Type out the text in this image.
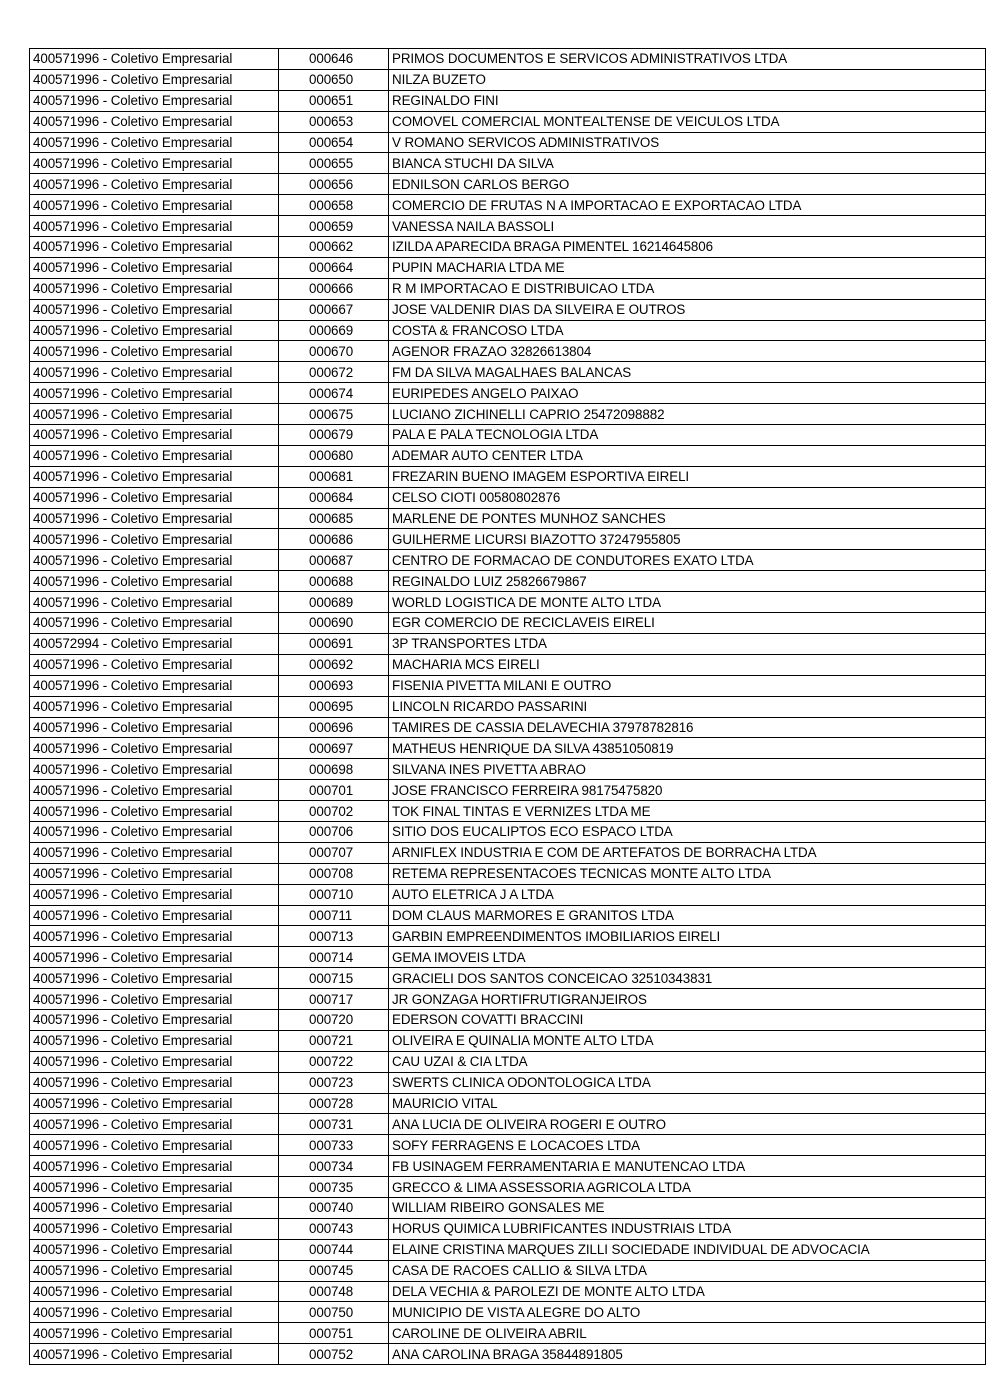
400571996 - Coletivo Empresarial	000646	PRIMOS DOCUMENTOS E SERVICOS ADMINISTRATIVOS LTDA
400571996 - Coletivo Empresarial	000650	NILZA BUZETO
400571996 - Coletivo Empresarial	000651	REGINALDO FINI
400571996 - Coletivo Empresarial	000653	COMOVEL COMERCIAL MONTEALTENSE DE VEICULOS LTDA
400571996 - Coletivo Empresarial	000654	V ROMANO SERVICOS ADMINISTRATIVOS
400571996 - Coletivo Empresarial	000655	BIANCA STUCHI DA SILVA
400571996 - Coletivo Empresarial	000656	EDNILSON CARLOS BERGO
400571996 - Coletivo Empresarial	000658	COMERCIO DE FRUTAS N A IMPORTACAO E EXPORTACAO LTDA
400571996 - Coletivo Empresarial	000659	VANESSA NAILA BASSOLI
400571996 - Coletivo Empresarial	000662	IZILDA APARECIDA BRAGA PIMENTEL 16214645806
400571996 - Coletivo Empresarial	000664	PUPIN MACHARIA LTDA ME
400571996 - Coletivo Empresarial	000666	R M IMPORTACAO E DISTRIBUICAO LTDA
400571996 - Coletivo Empresarial	000667	JOSE VALDENIR DIAS DA SILVEIRA E OUTROS
400571996 - Coletivo Empresarial	000669	COSTA & FRANCOSO LTDA
400571996 - Coletivo Empresarial	000670	AGENOR FRAZAO 32826613804
400571996 - Coletivo Empresarial	000672	FM DA SILVA MAGALHAES BALANCAS
400571996 - Coletivo Empresarial	000674	EURIPEDES ANGELO PAIXAO
400571996 - Coletivo Empresarial	000675	LUCIANO ZICHINELLI CAPRIO 25472098882
400571996 - Coletivo Empresarial	000679	PALA E PALA TECNOLOGIA LTDA
400571996 - Coletivo Empresarial	000680	ADEMAR AUTO CENTER LTDA
400571996 - Coletivo Empresarial	000681	FREZARIN BUENO IMAGEM ESPORTIVA EIRELI
400571996 - Coletivo Empresarial	000684	CELSO CIOTI 00580802876
400571996 - Coletivo Empresarial	000685	MARLENE DE PONTES MUNHOZ SANCHES
400571996 - Coletivo Empresarial	000686	GUILHERME LICURSI BIAZOTTO 37247955805
400571996 - Coletivo Empresarial	000687	CENTRO DE FORMACAO DE CONDUTORES EXATO LTDA
400571996 - Coletivo Empresarial	000688	REGINALDO LUIZ 25826679867
400571996 - Coletivo Empresarial	000689	WORLD LOGISTICA DE MONTE ALTO LTDA
400571996 - Coletivo Empresarial	000690	EGR COMERCIO DE RECICLAVEIS EIRELI
400572994 - Coletivo Empresarial	000691	3P TRANSPORTES LTDA
400571996 - Coletivo Empresarial	000692	MACHARIA MCS EIRELI
400571996 - Coletivo Empresarial	000693	FISENIA PIVETTA MILANI E OUTRO
400571996 - Coletivo Empresarial	000695	LINCOLN RICARDO PASSARINI
400571996 - Coletivo Empresarial	000696	TAMIRES DE CASSIA DELAVECHIA 37978782816
400571996 - Coletivo Empresarial	000697	MATHEUS HENRIQUE DA SILVA 43851050819
400571996 - Coletivo Empresarial	000698	SILVANA INES PIVETTA ABRAO
400571996 - Coletivo Empresarial	000701	JOSE FRANCISCO FERREIRA 98175475820
400571996 - Coletivo Empresarial	000702	TOK FINAL TINTAS E VERNIZES LTDA ME
400571996 - Coletivo Empresarial	000706	SITIO DOS EUCALIPTOS ECO ESPACO LTDA
400571996 - Coletivo Empresarial	000707	ARNIFLEX INDUSTRIA E COM DE ARTEFATOS DE BORRACHA LTDA
400571996 - Coletivo Empresarial	000708	RETEMA REPRESENTACOES TECNICAS MONTE ALTO LTDA
400571996 - Coletivo Empresarial	000710	AUTO ELETRICA J A LTDA
400571996 - Coletivo Empresarial	000711	DOM CLAUS MARMORES E GRANITOS LTDA
400571996 - Coletivo Empresarial	000713	GARBIN EMPREENDIMENTOS IMOBILIARIOS EIRELI
400571996 - Coletivo Empresarial	000714	GEMA IMOVEIS LTDA
400571996 - Coletivo Empresarial	000715	GRACIELI DOS SANTOS CONCEICAO 32510343831
400571996 - Coletivo Empresarial	000717	JR GONZAGA HORTIFRUTIGRANJEIROS
400571996 - Coletivo Empresarial	000720	EDERSON COVATTI BRACCINI
400571996 - Coletivo Empresarial	000721	OLIVEIRA E QUINALIA MONTE ALTO LTDA
400571996 - Coletivo Empresarial	000722	CAU UZAI & CIA LTDA
400571996 - Coletivo Empresarial	000723	SWERTS CLINICA ODONTOLOGICA LTDA
400571996 - Coletivo Empresarial	000728	MAURICIO VITAL
400571996 - Coletivo Empresarial	000731	ANA LUCIA DE OLIVEIRA ROGERI E OUTRO
400571996 - Coletivo Empresarial	000733	SOFY FERRAGENS E LOCACOES LTDA
400571996 - Coletivo Empresarial	000734	FB USINAGEM FERRAMENTARIA E MANUTENCAO LTDA
400571996 - Coletivo Empresarial	000735	GRECCO & LIMA ASSESSORIA AGRICOLA LTDA
400571996 - Coletivo Empresarial	000740	WILLIAM RIBEIRO GONSALES ME
400571996 - Coletivo Empresarial	000743	HORUS QUIMICA LUBRIFICANTES INDUSTRIAIS LTDA
400571996 - Coletivo Empresarial	000744	ELAINE CRISTINA MARQUES ZILLI SOCIEDADE INDIVIDUAL DE ADVOCACIA
400571996 - Coletivo Empresarial	000745	CASA DE RACOES CALLIO & SILVA LTDA
400571996 - Coletivo Empresarial	000748	DELA VECHIA & PAROLEZI DE MONTE ALTO LTDA
400571996 - Coletivo Empresarial	000750	MUNICIPIO DE VISTA ALEGRE DO ALTO
400571996 - Coletivo Empresarial	000751	CAROLINE DE OLIVEIRA ABRIL
400571996 - Coletivo Empresarial	000752	ANA CAROLINA BRAGA 35844891805
